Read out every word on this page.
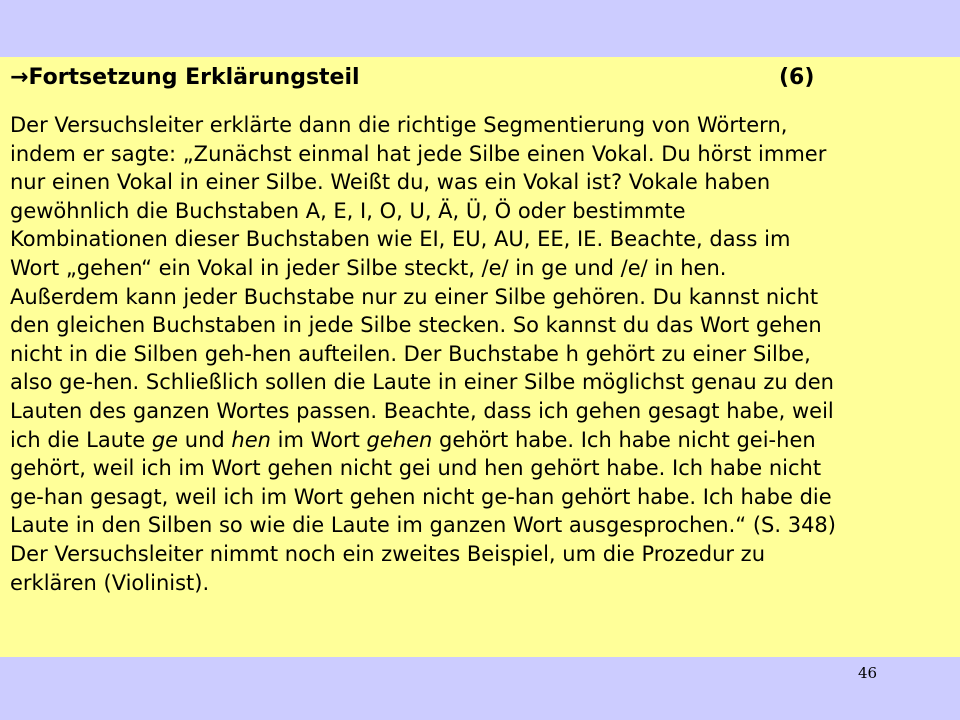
→Fortsetzung Erklärungsteil	(6)
Der Versuchsleiter erklärte dann die richtige Segmentierung von Wörtern,
indem er sagte: „Zunächst einmal hat jede Silbe einen Vokal. Du hörst immer
nur einen Vokal in einer Silbe. Weißt du, was ein Vokal ist? Vokale haben
gewöhnlich die Buchstaben A, E, I, O, U, Ä, Ü, Ö oder bestimmte
Kombinationen dieser Buchstaben wie EI, EU, AU, EE, IE. Beachte, dass im
Wort „gehen“ ein Vokal in jeder Silbe steckt, /e/ in ge und /e/ in hen.
Außerdem kann jeder Buchstabe nur zu einer Silbe gehören. Du kannst nicht
den gleichen Buchstaben in jede Silbe stecken. So kannst du das Wort gehen
nicht in die Silben geh-hen aufteilen. Der Buchstabe h gehört zu einer Silbe,
also ge-hen. Schließlich sollen die Laute in einer Silbe möglichst genau zu den
Lauten des ganzen Wortes passen. Beachte, dass ich gehen gesagt habe, weil
ich die Laute ge und hen im Wort gehen gehört habe. Ich habe nicht gei-hen
gehört, weil ich im Wort gehen nicht gei und hen gehört habe. Ich habe nicht
ge-han gesagt, weil ich im Wort gehen nicht ge-han gehört habe. Ich habe die
Laute in den Silben so wie die Laute im ganzen Wort ausgesprochen.“ (S. 348)
Der Versuchsleiter nimmt noch ein zweites Beispiel, um die Prozedur zu
erklären (Violinist).
46
